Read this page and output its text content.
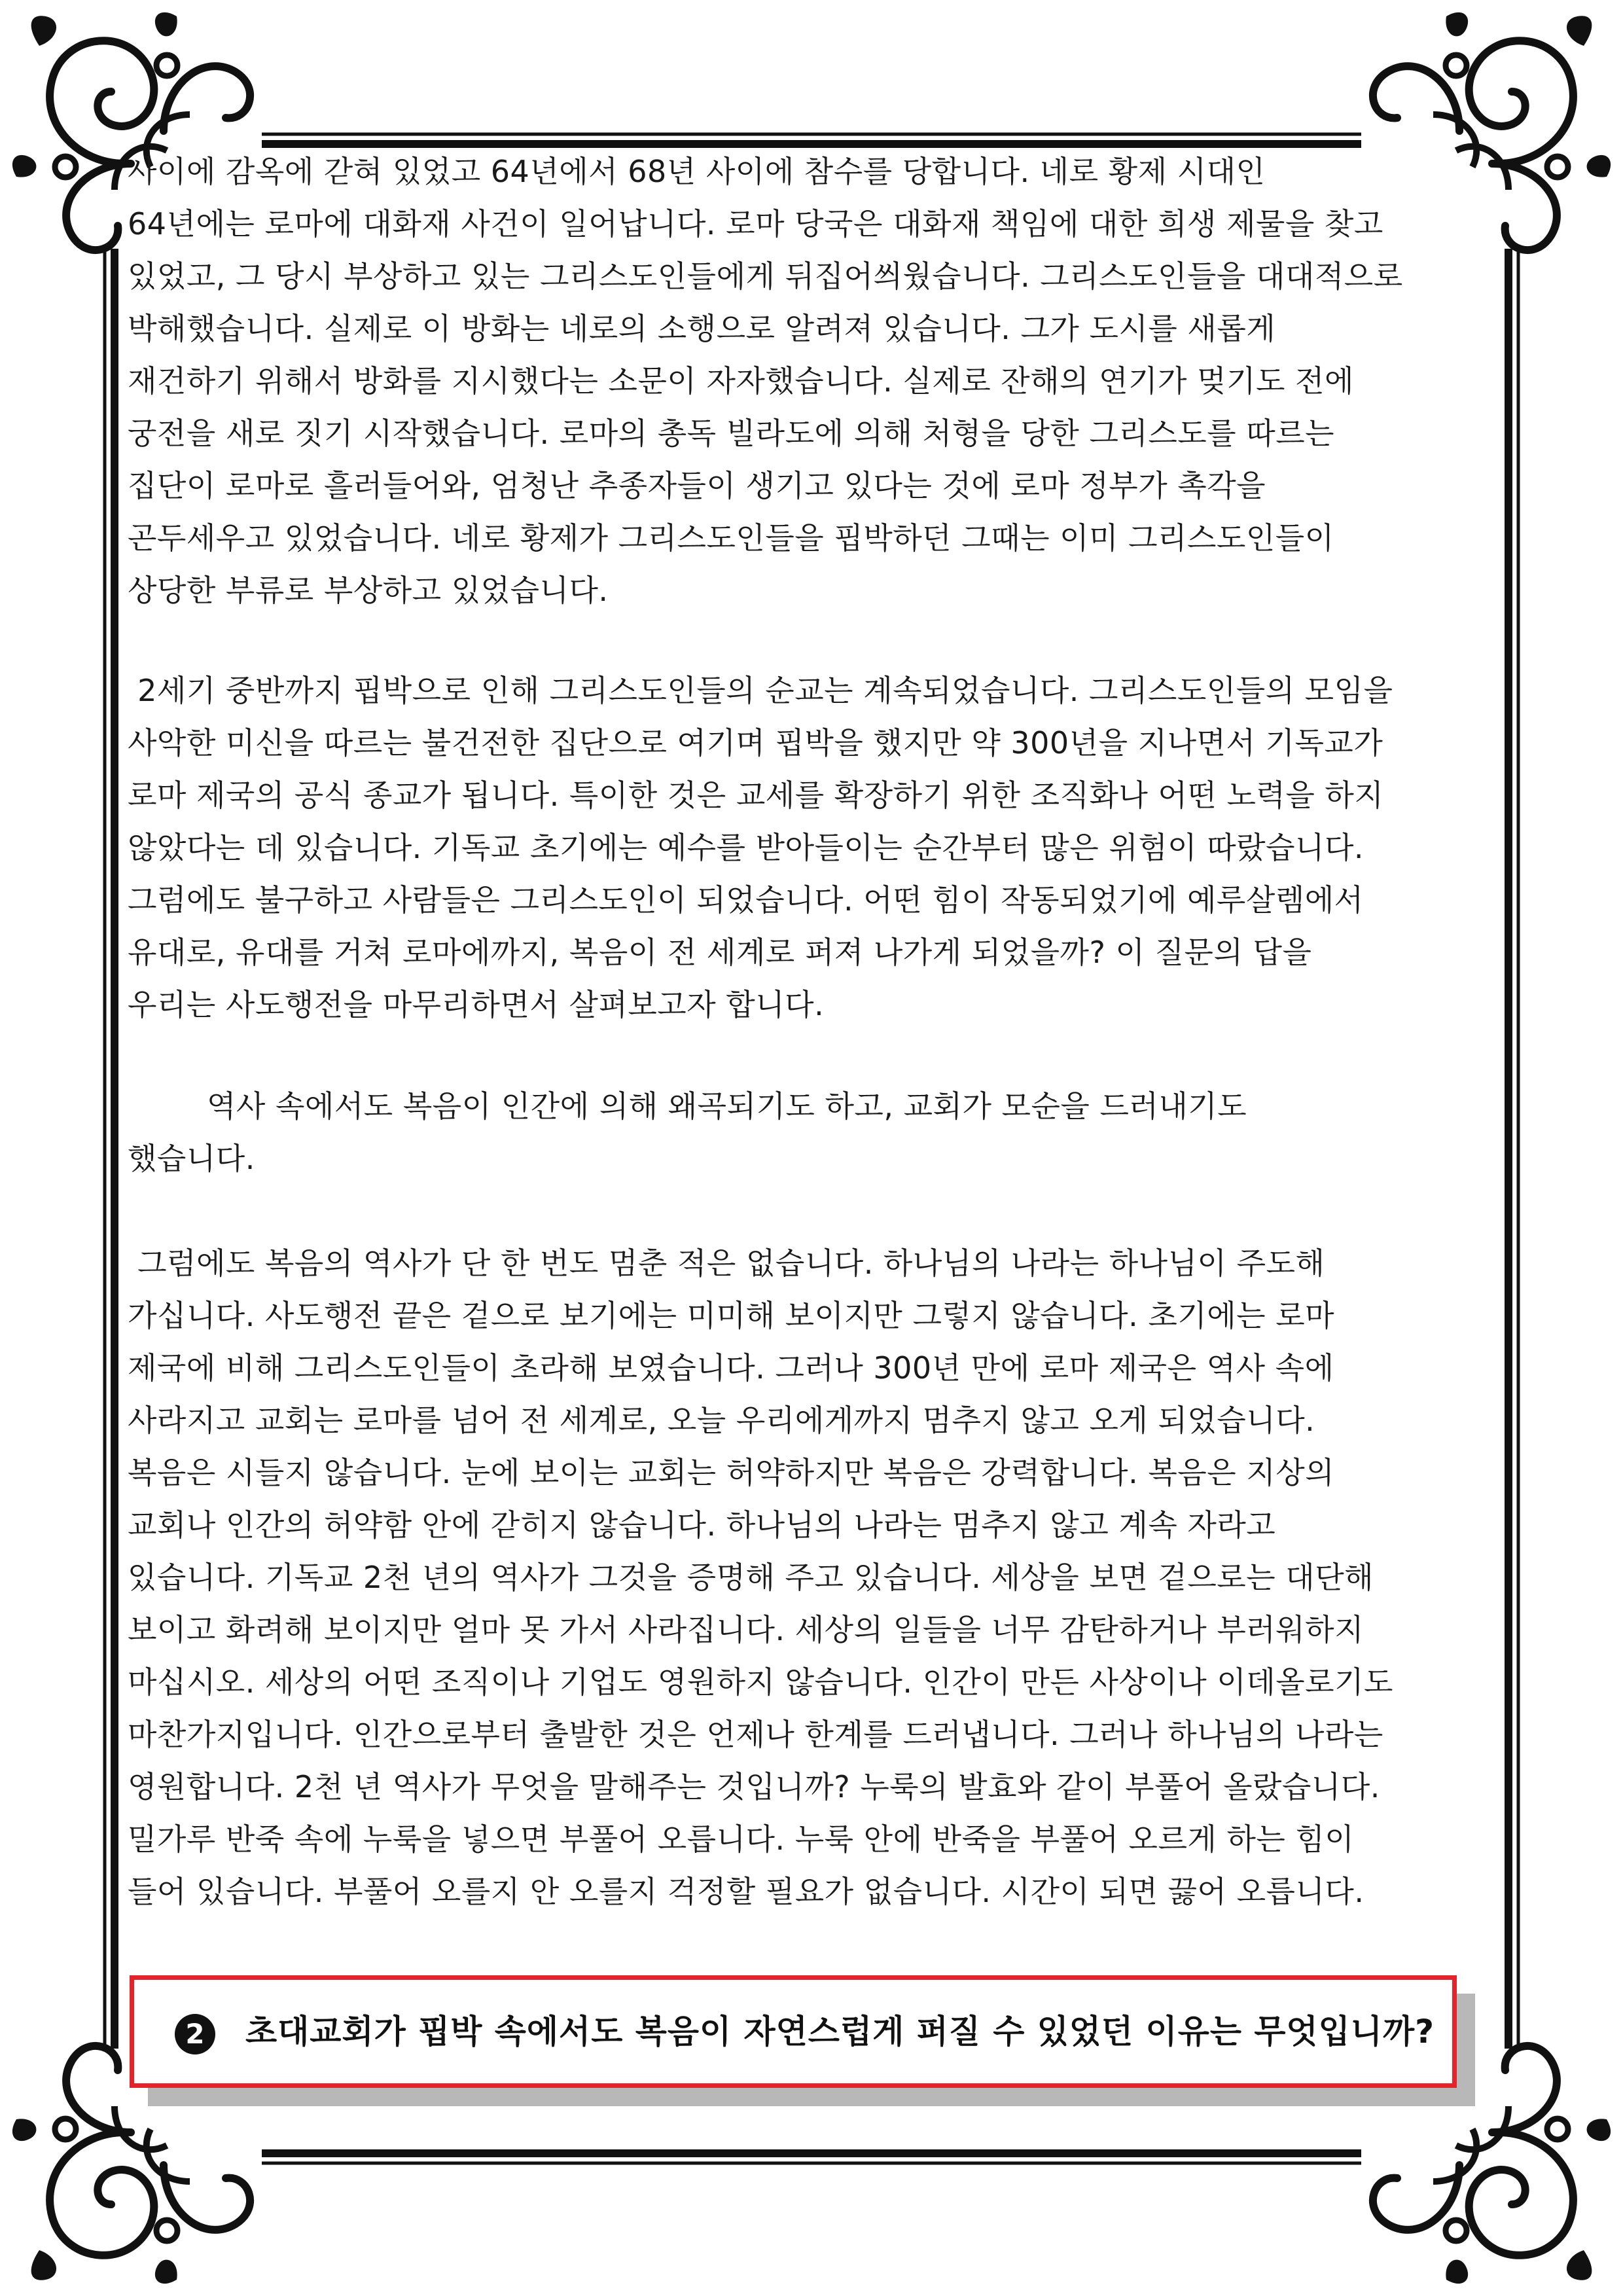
사이에 감옥에 갇혀 있었고 64년에서 68년 사이에 참수를 당합니다. 네로 황제 시대인
64년에는 로마에 대화재 사건이 일어납니다. 로마 당국은 대화재 책임에 대한 희생 제물을 찾고
있었고, 그 당시 부상하고 있는 그리스도인들에게 뒤집어씌웠습니다. 그리스도인들을 대대적으로
박해했습니다. 실제로 이 방화는 네로의 소행으로 알려져 있습니다. 그가 도시를 새롭게
재건하기 위해서 방화를 지시했다는 소문이 자자했습니다. 실제로 잔해의 연기가 멎기도 전에
궁전을 새로 짓기 시작했습니다. 로마의 총독 빌라도에 의해 처형을 당한 그리스도를 따르는
집단이 로마로 흘러들어와, 엄청난 추종자들이 생기고 있다는 것에 로마 정부가 촉각을
곤두세우고 있었습니다. 네로 황제가 그리스도인들을 핍박하던 그때는 이미 그리스도인들이
상당한 부류로 부상하고 있었습니다.
2세기 중반까지 핍박으로 인해 그리스도인들의 순교는 계속되었습니다. 그리스도인들의 모임을
사악한 미신을 따르는 불건전한 집단으로 여기며 핍박을 했지만 약 300년을 지나면서 기독교가
로마 제국의 공식 종교가 됩니다. 특이한 것은 교세를 확장하기 위한 조직화나 어떤 노력을 하지
않았다는 데 있습니다. 기독교 초기에는 예수를 받아들이는 순간부터 많은 위험이 따랐습니다.
그럼에도 불구하고 사람들은 그리스도인이 되었습니다. 어떤 힘이 작동되었기에 예루살렘에서
유대로, 유대를 거쳐 로마에까지, 복음이 전 세계로 퍼져 나가게 되었을까? 이 질문의 답을
우리는 사도행전을 마무리하면서 살펴보고자 합니다.
역사 속에서도 복음이 인간에 의해 왜곡되기도 하고, 교회가 모순을 드러내기도
했습니다.
그럼에도 복음의 역사가 단 한 번도 멈춘 적은 없습니다. 하나님의 나라는 하나님이 주도해
가십니다. 사도행전 끝은 겉으로 보기에는 미미해 보이지만 그렇지 않습니다. 초기에는 로마
제국에 비해 그리스도인들이 초라해 보였습니다. 그러나 300년 만에 로마 제국은 역사 속에
사라지고 교회는 로마를 넘어 전 세계로, 오늘 우리에게까지 멈추지 않고 오게 되었습니다.
복음은 시들지 않습니다. 눈에 보이는 교회는 허약하지만 복음은 강력합니다. 복음은 지상의
교회나 인간의 허약함 안에 갇히지 않습니다. 하나님의 나라는 멈추지 않고 계속 자라고
있습니다. 기독교 2천 년의 역사가 그것을 증명해 주고 있습니다. 세상을 보면 겉으로는 대단해
보이고 화려해 보이지만 얼마 못 가서 사라집니다. 세상의 일들을 너무 감탄하거나 부러워하지
마십시오. 세상의 어떤 조직이나 기업도 영원하지 않습니다. 인간이 만든 사상이나 이데올로기도
마찬가지입니다. 인간으로부터 출발한 것은 언제나 한계를 드러냅니다. 그러나 하나님의 나라는
영원합니다. 2천 년 역사가 무엇을 말해주는 것입니까? 누룩의 발효와 같이 부풀어 올랐습니다.
밀가루 반죽 속에 누룩을 넣으면 부풀어 오릅니다. 누룩 안에 반죽을 부풀어 오르게 하는 힘이
들어 있습니다. 부풀어 오를지 안 오를지 걱정할 필요가 없습니다. 시간이 되면 끓어 오릅니다.
2	초대교회가 핍박 속에서도 복음이 자연스럽게 퍼질 수 있었던 이유는 무엇입니까?
